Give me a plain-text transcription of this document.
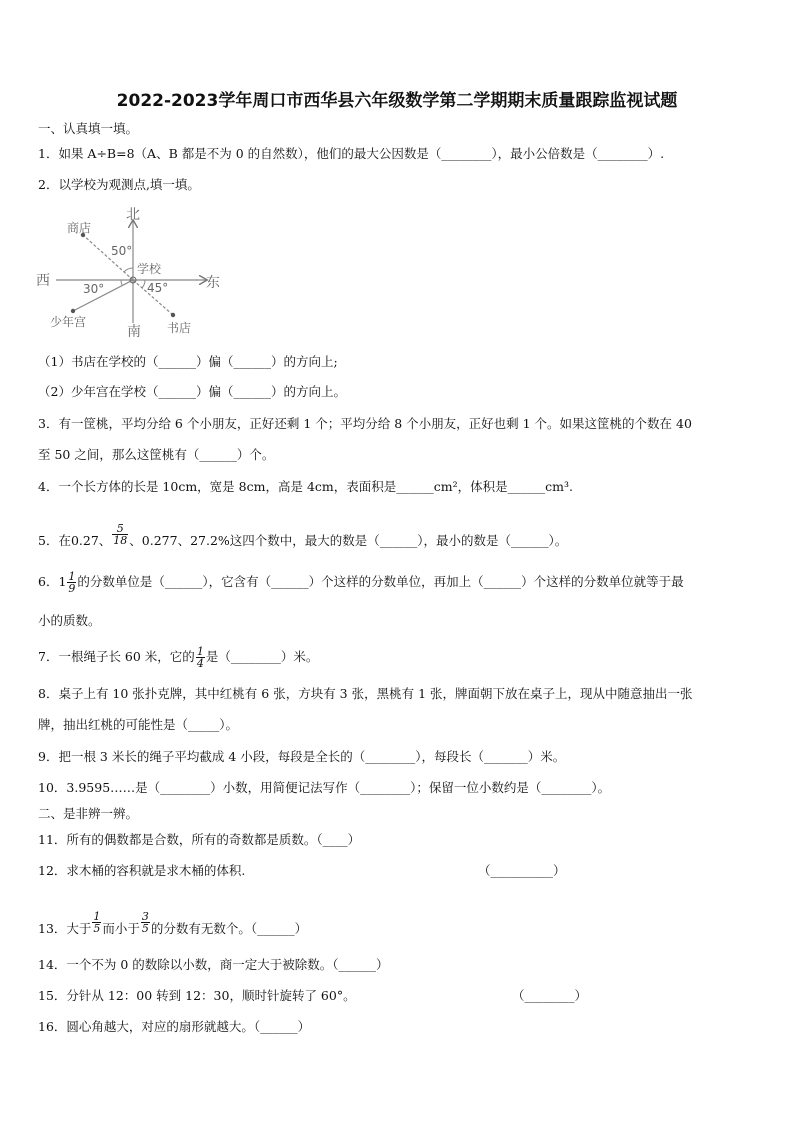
2022-2023学年周口市西华县六年级数学第二学期期末质量跟踪监视试题
一、认真填一填。
1．如果 A÷B=8（A、B 都是不为 0 的自然数），他们的最大公因数是（________），最小公倍数是（________）.
2．以学校为观测点,填一填。
北
南
西	东
商店
学校
书店
少年宫
50°
30°	45°
（1）书店在学校的（______）偏（______）的方向上;
（2）少年宫在学校（______）偏（______）的方向上。
3．有一筐桃，平均分给 6 个小朋友，正好还剩 1 个；平均分给 8 个小朋友，正好也剩 1 个。如果这筐桃的个数在 40
至 50 之间，那么这筐桃有（______）个。
4．一个长方体的长是 10cm，宽是 8cm，高是 4cm，表面积是______cm²，体积是______cm³.
5．在0.27、 $\frac{5}{18}$ 、0.277、27.2%这四个数中，最大的数是（______），最小的数是（______）。
6．$1 \frac{1}{9}$ 的分数单位是（______），它含有（______）个这样的分数单位，再加上（______）个这样的分数单位就等于最
小的质数。
7．一根绳子长 60 米，它的 $\frac{1}{4}$ 是（________）米。
8．桌子上有 10 张扑克牌，其中红桃有 6 张，方块有 3 张，黑桃有 1 张，牌面朝下放在桌子上，现从中随意抽出一张
牌，抽出红桃的可能性是（_____）。
9．把一根 3 米长的绳子平均截成 4 小段，每段是全长的（________），每段长（_______）米。
10．3.9595……是（________）小数，用简便记法写作（________）；保留一位小数约是（________）。
二、是非辨一辨。
11．所有的偶数都是合数，所有的奇数都是质数。（____）
12．求木桶的容积就是求木桶的体积.	（__________）
13．大于 $\frac{1}{5}$ 而小于 $\frac{3}{5}$ 的分数有无数个。（______）
14．一个不为 0 的数除以小数，商一定大于被除数。（______）
15．分针从 12：00 转到 12：30，顺时针旋转了 60°。	（________）
16．圆心角越大，对应的扇形就越大。（______）
